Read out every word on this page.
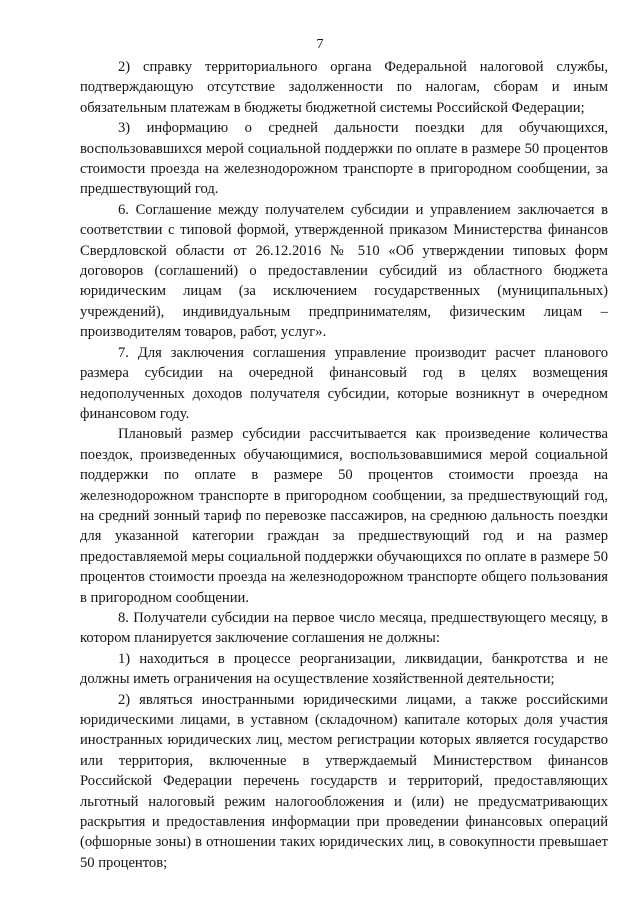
7

2) справку территориального органа Федеральной налоговой службы, подтверждающую отсутствие задолженности по налогам, сборам и иным обязательным платежам в бюджеты бюджетной системы Российской Федерации;

3) информацию о средней дальности поездки для обучающихся, воспользовавшихся мерой социальной поддержки по оплате в размере 50 процентов стоимости проезда на железнодорожном транспорте в пригородном сообщении, за предшествующий год.

6. Соглашение между получателем субсидии и управлением заключается в соответствии с типовой формой, утвержденной приказом Министерства финансов Свердловской области от 26.12.2016 № 510 «Об утверждении типовых форм договоров (соглашений) о предоставлении субсидий из областного бюджета юридическим лицам (за исключением государственных (муниципальных) учреждений), индивидуальным предпринимателям, физическим лицам – производителям товаров, работ, услуг».

7. Для заключения соглашения управление производит расчет планового размера субсидии на очередной финансовый год в целях возмещения недополученных доходов получателя субсидии, которые возникнут в очередном финансовом году.

Плановый размер субсидии рассчитывается как произведение количества поездок, произведенных обучающимися, воспользовавшимися мерой социальной поддержки по оплате в размере 50 процентов стоимости проезда на железнодорожном транспорте в пригородном сообщении, за предшествующий год, на средний зонный тариф по перевозке пассажиров, на среднюю дальность поездки для указанной категории граждан за предшествующий год и на размер предоставляемой меры социальной поддержки обучающихся по оплате в размере 50 процентов стоимости проезда на железнодорожном транспорте общего пользования в пригородном сообщении.

8. Получатели субсидии на первое число месяца, предшествующего месяцу, в котором планируется заключение соглашения не должны:

1) находиться в процессе реорганизации, ликвидации, банкротства и не должны иметь ограничения на осуществление хозяйственной деятельности;

2) являться иностранными юридическими лицами, а также российскими юридическими лицами, в уставном (складочном) капитале которых доля участия иностранных юридических лиц, местом регистрации которых является государство или территория, включенные в утверждаемый Министерством финансов Российской Федерации перечень государств и территорий, предоставляющих льготный налоговый режим налогообложения и (или) не предусматривающих раскрытия и предоставления информации при проведении финансовых операций (офшорные зоны) в отношении таких юридических лиц, в совокупности превышает 50 процентов;
